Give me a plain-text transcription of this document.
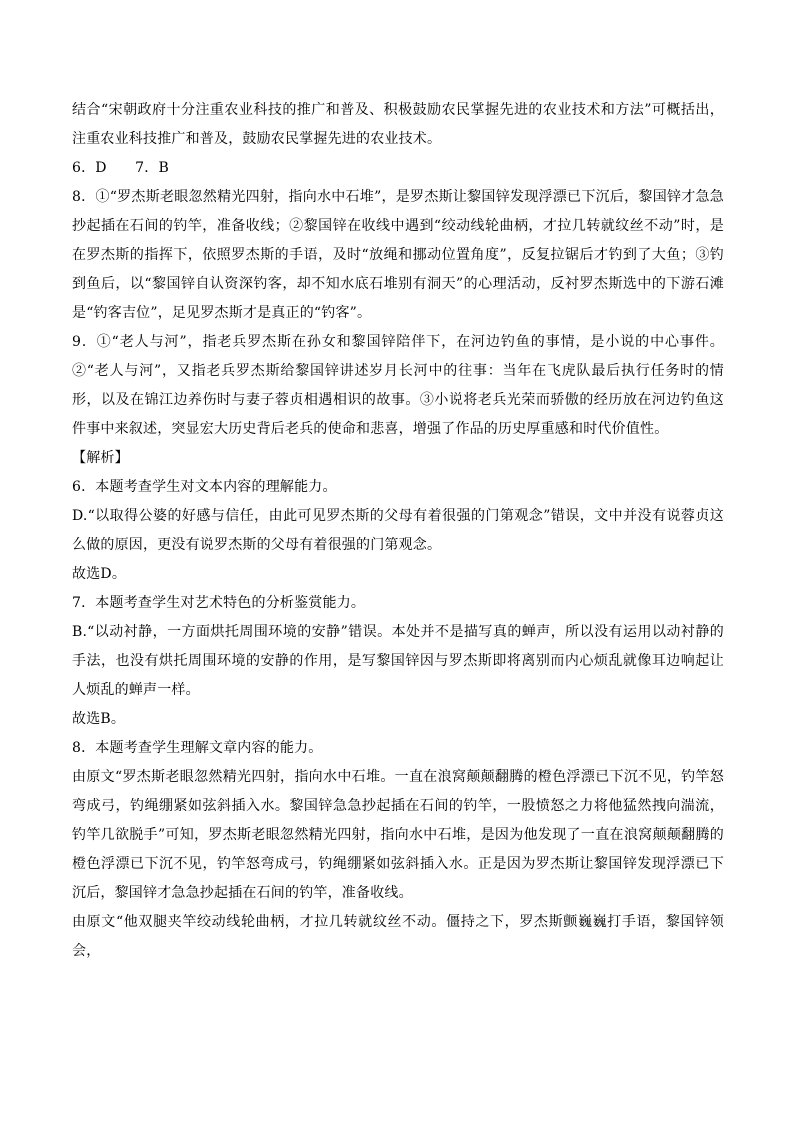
结合“宋朝政府十分注重农业科技的推广和普及、积极鼓励农民掌握先进的农业技术和方法”可概括出，注重农业科技推广和普及，鼓励农民掌握先进的农业技术。

6．D　　7．B

8．①“罗杰斯老眼忽然精光四射，指向水中石堆”，是罗杰斯让黎国锌发现浮漂已下沉后，黎国锌才急急抄起插在石间的钓竿，准备收线；②黎国锌在收线中遇到“绞动线轮曲柄，才拉几转就纹丝不动”时，是在罗杰斯的指挥下，依照罗杰斯的手语，及时“放绳和挪动位置角度”，反复拉锯后才钓到了大鱼；③钓到鱼后，以“黎国锌自认资深钓客，却不知水底石堆别有洞天”的心理活动，反衬罗杰斯选中的下游石滩是“钓客吉位”，足见罗杰斯才是真正的“钓客”。

9．①“老人与河”，指老兵罗杰斯在孙女和黎国锌陪伴下，在河边钓鱼的事情，是小说的中心事件。②“老人与河”，又指老兵罗杰斯给黎国锌讲述岁月长河中的往事：当年在飞虎队最后执行任务时的情形，以及在锦江边养伤时与妻子蓉贞相遇相识的故事。③小说将老兵光荣而骄傲的经历放在河边钓鱼这件事中来叙述，突显宏大历史背后老兵的使命和悲喜，增强了作品的历史厚重感和时代价值性。

【解析】

6．本题考查学生对文本内容的理解能力。

D.“以取得公婆的好感与信任，由此可见罗杰斯的父母有着很强的门第观念”错误，文中并没有说蓉贞这么做的原因，更没有说罗杰斯的父母有着很强的门第观念。

故选D。

7．本题考查学生对艺术特色的分析鉴赏能力。

B.“以动衬静，一方面烘托周围环境的安静”错误。本处并不是描写真的蝉声，所以没有运用以动衬静的手法，也没有烘托周围环境的安静的作用，是写黎国锌因与罗杰斯即将离别而内心烦乱就像耳边响起让人烦乱的蝉声一样。

故选B。

8．本题考查学生理解文章内容的能力。

由原文“罗杰斯老眼忽然精光四射，指向水中石堆。一直在浪窝颠颠翻腾的橙色浮漂已下沉不见，钓竿怒弯成弓，钓绳绷紧如弦斜插入水。黎国锌急急抄起插在石间的钓竿，一股愤怒之力将他猛然拽向湍流，钓竿几欲脱手”可知，罗杰斯老眼忽然精光四射，指向水中石堆，是因为他发现了一直在浪窝颠颠翻腾的橙色浮漂已下沉不见，钓竿怒弯成弓，钓绳绷紧如弦斜插入水。正是因为罗杰斯让黎国锌发现浮漂已下沉后，黎国锌才急急抄起插在石间的钓竿，准备收线。

由原文“他双腿夹竿绞动线轮曲柄，才拉几转就纹丝不动。僵持之下，罗杰斯颤巍巍打手语，黎国锌领会，
